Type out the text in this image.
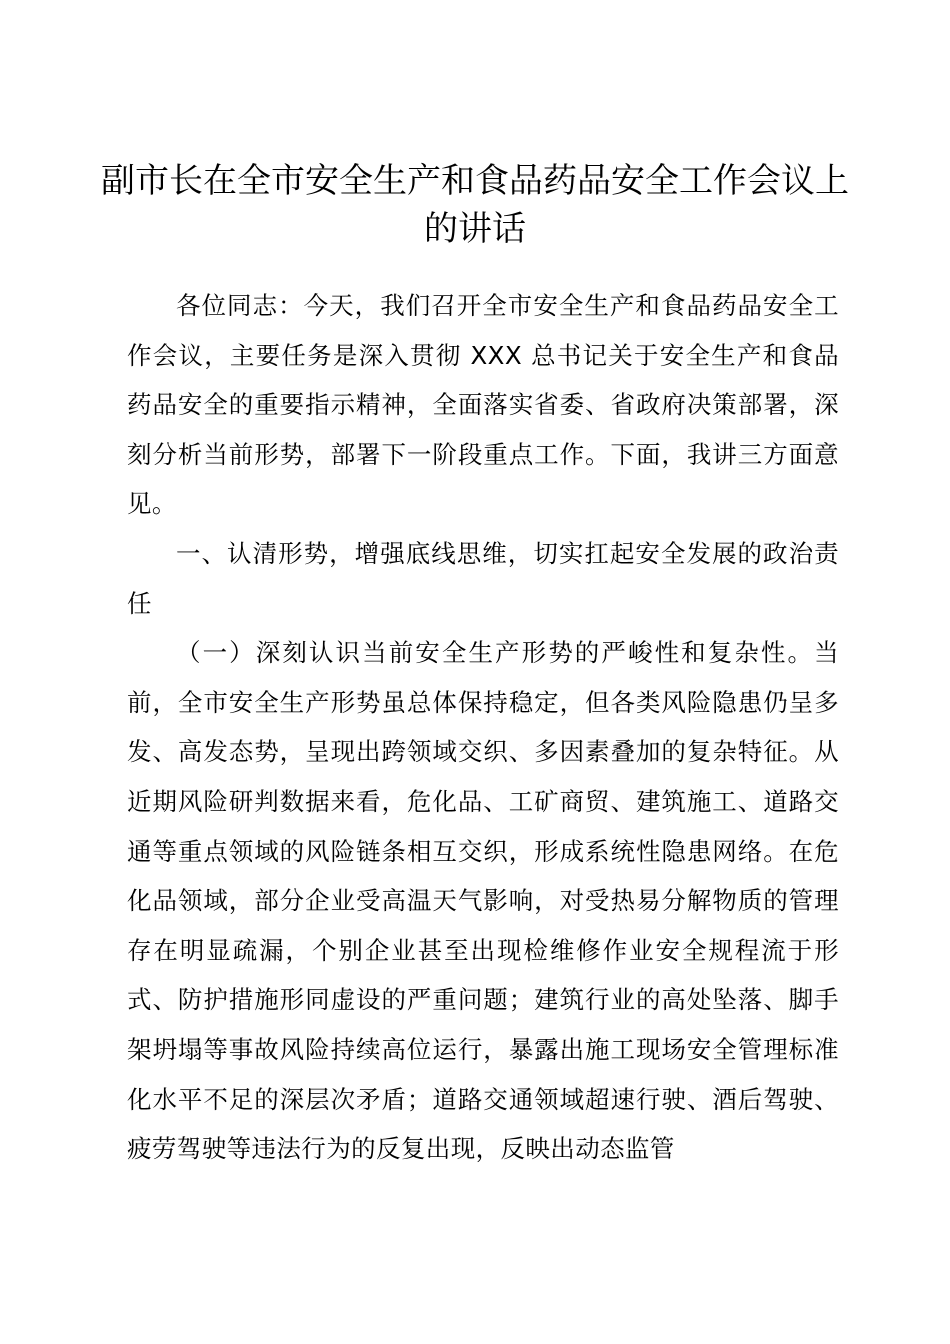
副市长在全市安全生产和食品药品安全工作会议上的讲话

各位同志：今天，我们召开全市安全生产和食品药品安全工作会议，主要任务是深入贯彻 XXX 总书记关于安全生产和食品药品安全的重要指示精神，全面落实省委、省政府决策部署，深刻分析当前形势，部署下一阶段重点工作。下面，我讲三方面意见。

一、认清形势，增强底线思维，切实扛起安全发展的政治责任

（一）深刻认识当前安全生产形势的严峻性和复杂性。当前，全市安全生产形势虽总体保持稳定，但各类风险隐患仍呈多发、高发态势，呈现出跨领域交织、多因素叠加的复杂特征。从近期风险研判数据来看，危化品、工矿商贸、建筑施工、道路交通等重点领域的风险链条相互交织，形成系统性隐患网络。在危化品领域，部分企业受高温天气影响，对受热易分解物质的管理存在明显疏漏，个别企业甚至出现检维修作业安全规程流于形式、防护措施形同虚设的严重问题；建筑行业的高处坠落、脚手架坍塌等事故风险持续高位运行，暴露出施工现场安全管理标准化水平不足的深层次矛盾；道路交通领域超速行驶、酒后驾驶、疲劳驾驶等违法行为的反复出现，反映出动态监管
